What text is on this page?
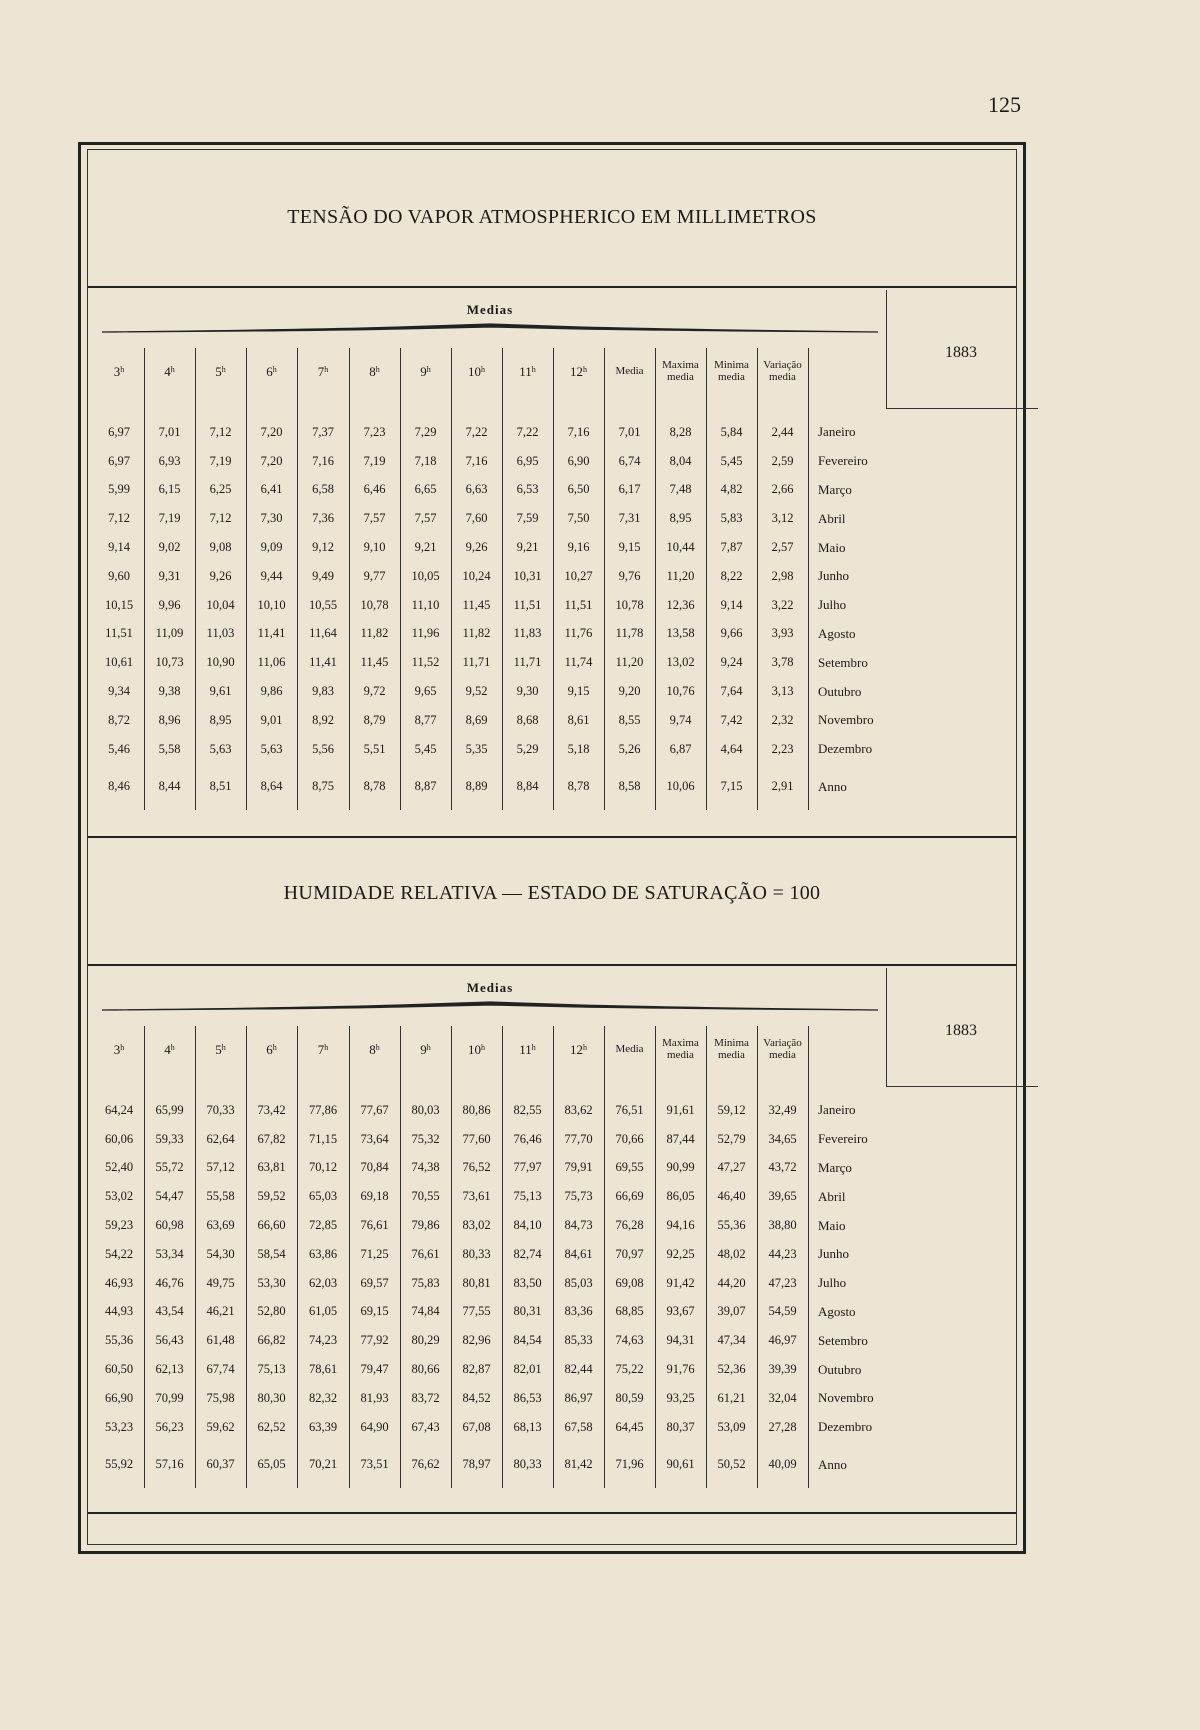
125
TENSÃO DO VAPOR ATMOSPHERICO EM MILLIMETROS
Medias
1883
3$^h$	4$^h$	5$^h$	6$^h$	7$^h$	8$^h$	9$^h$	10$^h$	11$^h$	12$^h$	Media	Maxima media	Minima media	Variação media	

6,97	7,01	7,12	7,20	7,37	7,23	7,29	7,22	7,22	7,16	7,01	8,28	5,84	2,44	Janeiro
6,97	6,93	7,19	7,20	7,16	7,19	7,18	7,16	6,95	6,90	6,74	8,04	5,45	2,59	Fevereiro
5,99	6,15	6,25	6,41	6,58	6,46	6,65	6,63	6,53	6,50	6,17	7,48	4,82	2,66	Março
7,12	7,19	7,12	7,30	7,36	7,57	7,57	7,60	7,59	7,50	7,31	8,95	5,83	3,12	Abril
9,14	9,02	9,08	9,09	9,12	9,10	9,21	9,26	9,21	9,16	9,15	10,44	7,87	2,57	Maio
9,60	9,31	9,26	9,44	9,49	9,77	10,05	10,24	10,31	10,27	9,76	11,20	8,22	2,98	Junho
10,15	9,96	10,04	10,10	10,55	10,78	11,10	11,45	11,51	11,51	10,78	12,36	9,14	3,22	Julho
11,51	11,09	11,03	11,41	11,64	11,82	11,96	11,82	11,83	11,76	11,78	13,58	9,66	3,93	Agosto
10,61	10,73	10,90	11,06	11,41	11,45	11,52	11,71	11,71	11,74	11,20	13,02	9,24	3,78	Setembro
9,34	9,38	9,61	9,86	9,83	9,72	9,65	9,52	9,30	9,15	9,20	10,76	7,64	3,13	Outubro
8,72	8,96	8,95	9,01	8,92	8,79	8,77	8,69	8,68	8,61	8,55	9,74	7,42	2,32	Novembro
5,46	5,58	5,63	5,63	5,56	5,51	5,45	5,35	5,29	5,18	5,26	6,87	4,64	2,23	Dezembro
8,46	8,44	8,51	8,64	8,75	8,78	8,87	8,89	8,84	8,78	8,58	10,06	7,15	2,91	Anno
HUMIDADE RELATIVA — ESTADO DE SATURAÇÃO = 100
Medias
1883
3$^h$	4$^h$	5$^h$	6$^h$	7$^h$	8$^h$	9$^h$	10$^h$	11$^h$	12$^h$	Media	Maxima media	Minima media	Variação media	

64,24	65,99	70,33	73,42	77,86	77,67	80,03	80,86	82,55	83,62	76,51	91,61	59,12	32,49	Janeiro
60,06	59,33	62,64	67,82	71,15	73,64	75,32	77,60	76,46	77,70	70,66	87,44	52,79	34,65	Fevereiro
52,40	55,72	57,12	63,81	70,12	70,84	74,38	76,52	77,97	79,91	69,55	90,99	47,27	43,72	Março
53,02	54,47	55,58	59,52	65,03	69,18	70,55	73,61	75,13	75,73	66,69	86,05	46,40	39,65	Abril
59,23	60,98	63,69	66,60	72,85	76,61	79,86	83,02	84,10	84,73	76,28	94,16	55,36	38,80	Maio
54,22	53,34	54,30	58,54	63,86	71,25	76,61	80,33	82,74	84,61	70,97	92,25	48,02	44,23	Junho
46,93	46,76	49,75	53,30	62,03	69,57	75,83	80,81	83,50	85,03	69,08	91,42	44,20	47,23	Julho
44,93	43,54	46,21	52,80	61,05	69,15	74,84	77,55	80,31	83,36	68,85	93,67	39,07	54,59	Agosto
55,36	56,43	61,48	66,82	74,23	77,92	80,29	82,96	84,54	85,33	74,63	94,31	47,34	46,97	Setembro
60,50	62,13	67,74	75,13	78,61	79,47	80,66	82,87	82,01	82,44	75,22	91,76	52,36	39,39	Outubro
66,90	70,99	75,98	80,30	82,32	81,93	83,72	84,52	86,53	86,97	80,59	93,25	61,21	32,04	Novembro
53,23	56,23	59,62	62,52	63,39	64,90	67,43	67,08	68,13	67,58	64,45	80,37	53,09	27,28	Dezembro
55,92	57,16	60,37	65,05	70,21	73,51	76,62	78,97	80,33	81,42	71,96	90,61	50,52	40,09	Anno
